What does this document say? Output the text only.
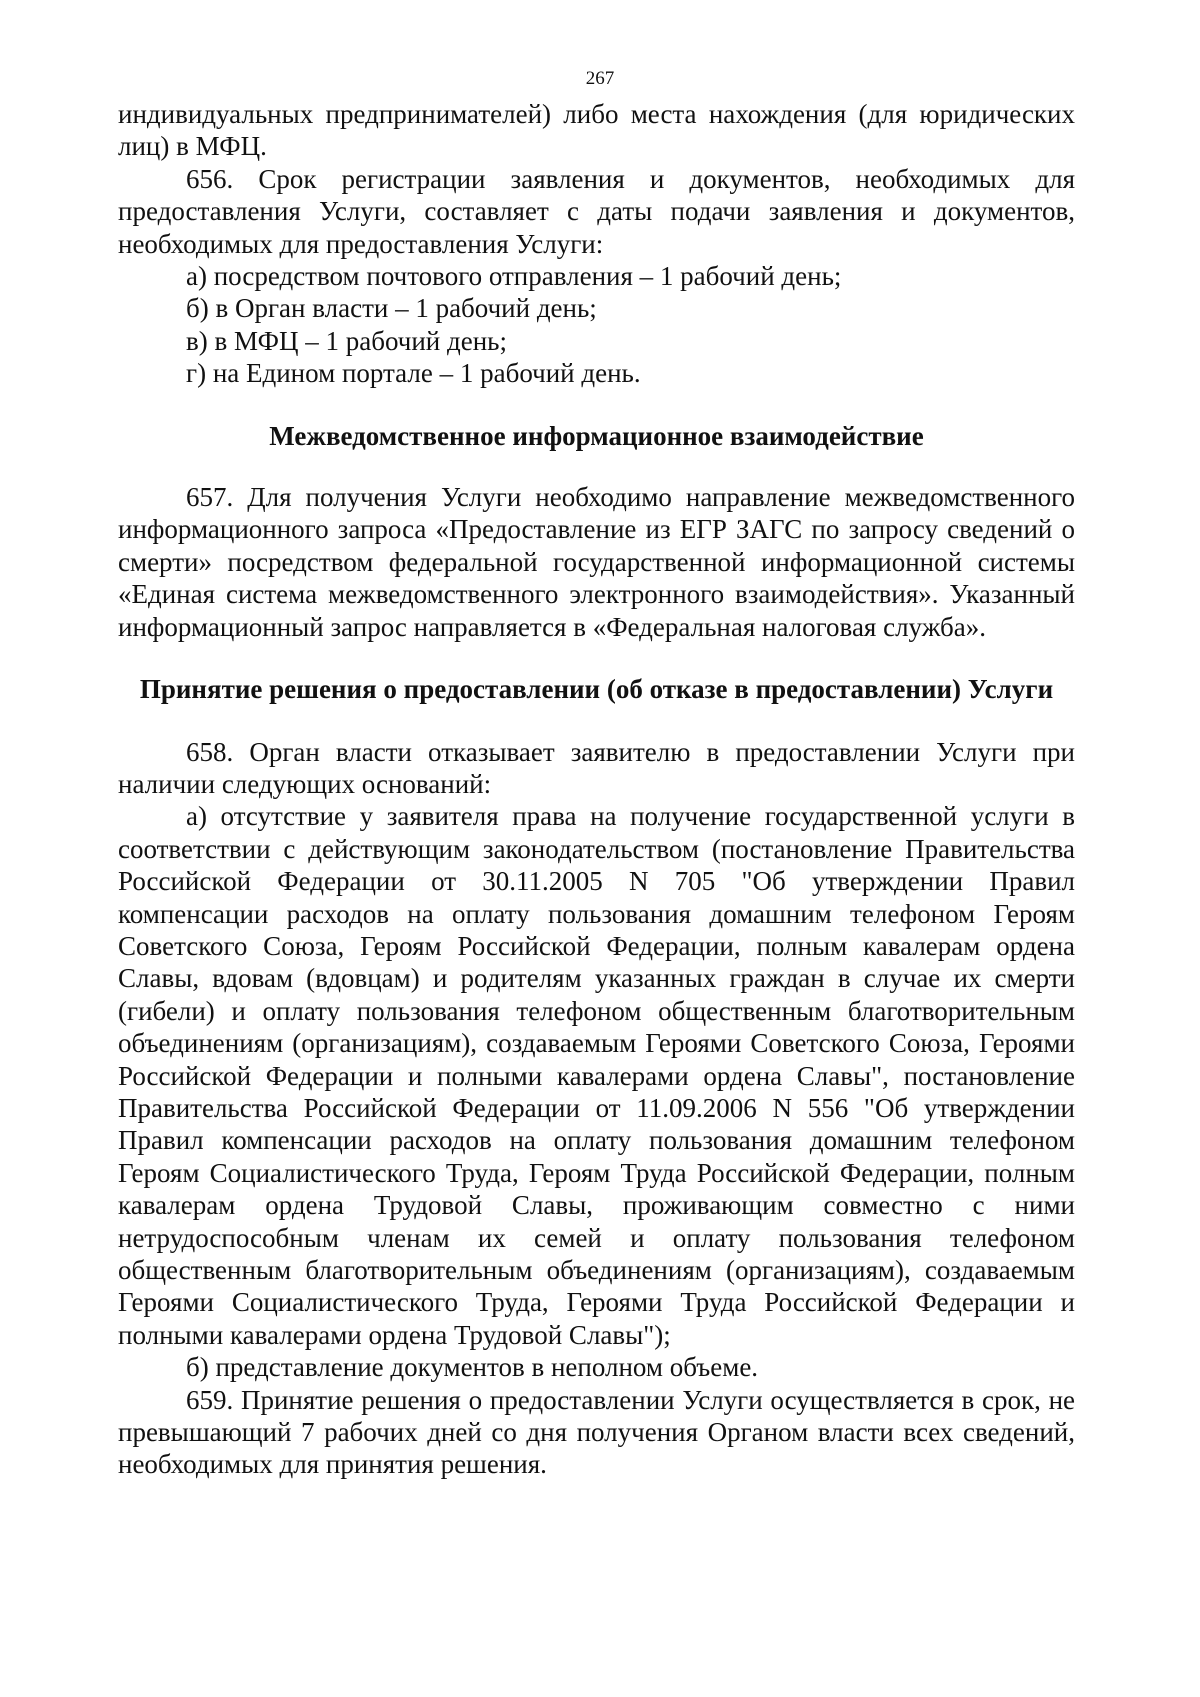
267

индивидуальных предпринимателей) либо места нахождения (для юридических лиц) в МФЦ.

656. Срок регистрации заявления и документов, необходимых для предоставления Услуги, составляет с даты подачи заявления и документов, необходимых для предоставления Услуги:

а) посредством почтового отправления – 1 рабочий день;

б) в Орган власти – 1 рабочий день;

в) в МФЦ – 1 рабочий день;

г) на Едином портале – 1 рабочий день.

Межведомственное информационное взаимодействие

657. Для получения Услуги необходимо направление межведомственного информационного запроса «Предоставление из ЕГР ЗАГС по запросу сведений о смерти» посредством федеральной государственной информационной системы «Единая система межведомственного электронного взаимодействия». Указанный информационный запрос направляется в «Федеральная налоговая служба».

Принятие решения о предоставлении (об отказе в предоставлении) Услуги

658. Орган власти отказывает заявителю в предоставлении Услуги при наличии следующих оснований:

а) отсутствие у заявителя права на получение государственной услуги в соответствии с действующим законодательством (постановление Правительства Российской Федерации от 30.11.2005 N 705 "Об утверждении Правил компенсации расходов на оплату пользования домашним телефоном Героям Советского Союза, Героям Российской Федерации, полным кавалерам ордена Славы, вдовам (вдовцам) и родителям указанных граждан в случае их смерти (гибели) и оплату пользования телефоном общественным благотворительным объединениям (организациям), создаваемым Героями Советского Союза, Героями Российской Федерации и полными кавалерами ордена Славы", постановление Правительства Российской Федерации от 11.09.2006 N 556 "Об утверждении Правил компенсации расходов на оплату пользования домашним телефоном Героям Социалистического Труда, Героям Труда Российской Федерации, полным кавалерам ордена Трудовой Славы, проживающим совместно с ними нетрудоспособным членам их семей и оплату пользования телефоном общественным благотворительным объединениям (организациям), создаваемым Героями Социалистического Труда, Героями Труда Российской Федерации и полными кавалерами ордена Трудовой Славы");

б) представление документов в неполном объеме.

659. Принятие решения о предоставлении Услуги осуществляется в срок, не превышающий 7 рабочих дней со дня получения Органом власти всех сведений, необходимых для принятия решения.
